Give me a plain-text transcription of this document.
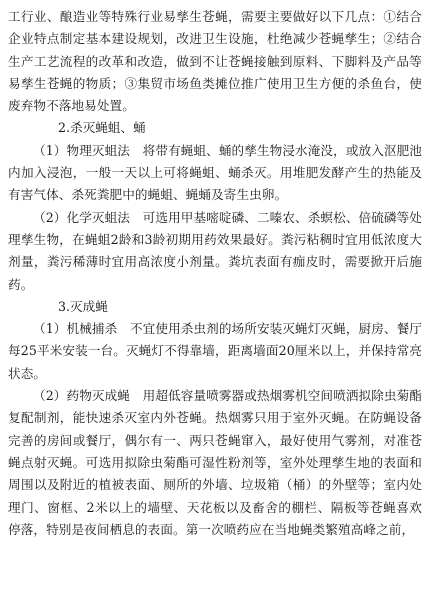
工行业、酿造业等特殊行业易孳生苍蝇，需要主要做好以下几点：①结合企业特点制定基本建设规划，改进卫生设施，杜绝减少苍蝇孳生；②结合生产工艺流程的改革和改造，做到不让苍蝇接触到原料、下脚料及产品等易孳生苍蝇的物质；③集贸市场鱼类摊位推广使用卫生方便的杀鱼台，使废弃物不落地易处置。

2.杀灭蝇蛆、蛹

（1）物理灭蛆法　将带有蝇蛆、蛹的孳生物浸水淹没，或放入沤肥池内加入浸泡，一般一天以上可将蝇蛆、蛹杀灭。用堆肥发酵产生的热能及有害气体、杀死粪肥中的蝇蛆、蝇蛹及寄生虫卵。

（2）化学灭蛆法　可选用甲基嘧啶磷、二嗪农、杀螟松、倍硫磷等处理孳生物，在蝇蛆2龄和3龄初期用药效果最好。粪污粘稠时宜用低浓度大剂量，粪污稀薄时宜用高浓度小剂量。粪坑表面有痂皮时，需要掀开后施药。

3.灭成蝇

（1）机械捕杀　不宜使用杀虫剂的场所安装灭蝇灯灭蝇，厨房、餐厅每25平米安装一台。灭蝇灯不得靠墙，距离墙面20厘米以上，并保持常亮状态。

（2）药物灭成蝇　用超低容量喷雾器或热烟雾机空间喷洒拟除虫菊酯复配制剂，能快速杀灭室内外苍蝇。热烟雾只用于室外灭蝇。在防蝇设备完善的房间或餐厅，偶尔有一、两只苍蝇窜入，最好使用气雾剂，对准苍蝇点射灭蝇。可选用拟除虫菊酯可湿性粉剂等，室外处理孳生地的表面和周围以及附近的植被表面、厕所的外墙、垃圾箱（桶）的外壁等；室内处理门、窗框、2米以上的墙壁、天花板以及畜舍的棚栏、隔板等苍蝇喜欢停落，特别是夜间栖息的表面。第一次喷药应在当地蝇类繁殖高峰之前，
